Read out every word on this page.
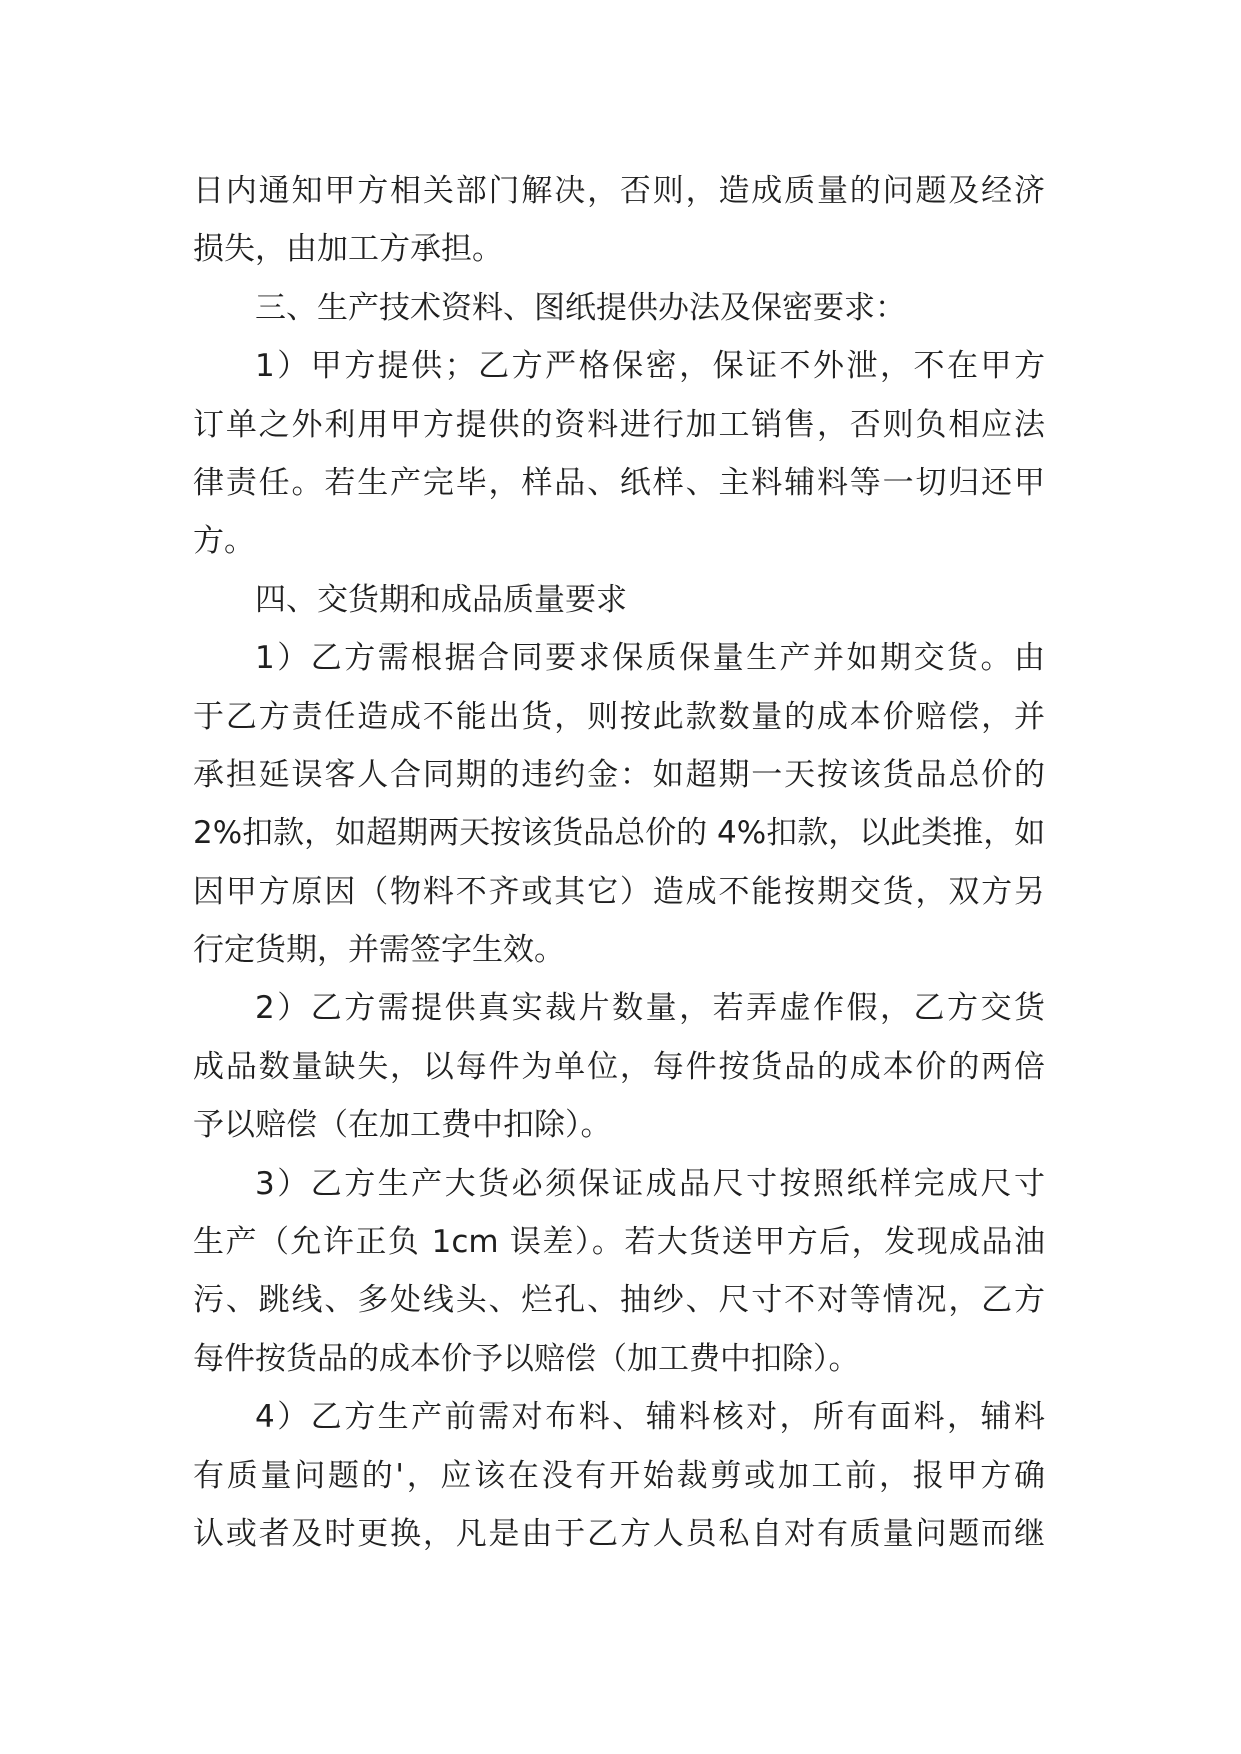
日内通知甲方相关部门解决，否则，造成质量的问题及经济
损失，由加工方承担。
三、生产技术资料、图纸提供办法及保密要求：
1）甲方提供；乙方严格保密，保证不外泄，不在甲方
订单之外利用甲方提供的资料进行加工销售，否则负相应法
律责任。若生产完毕，样品、纸样、主料辅料等一切归还甲
方。
四、交货期和成品质量要求
1）乙方需根据合同要求保质保量生产并如期交货。由
于乙方责任造成不能出货，则按此款数量的成本价赔偿，并
承担延误客人合同期的违约金：如超期一天按该货品总价的
2%扣款，如超期两天按该货品总价的 4%扣款，以此类推，如
因甲方原因（物料不齐或其它）造成不能按期交货，双方另
行定货期，并需签字生效。
2）乙方需提供真实裁片数量，若弄虚作假，乙方交货
成品数量缺失，以每件为单位，每件按货品的成本价的两倍
予以赔偿（在加工费中扣除）。
3）乙方生产大货必须保证成品尺寸按照纸样完成尺寸
生产（允许正负 1cm 误差）。若大货送甲方后，发现成品油
污、跳线、多处线头、烂孔、抽纱、尺寸不对等情况，乙方
每件按货品的成本价予以赔偿（加工费中扣除）。
4）乙方生产前需对布料、辅料核对，所有面料，辅料
有质量问题的'，应该在没有开始裁剪或加工前，报甲方确
认或者及时更换，凡是由于乙方人员私自对有质量问题而继
